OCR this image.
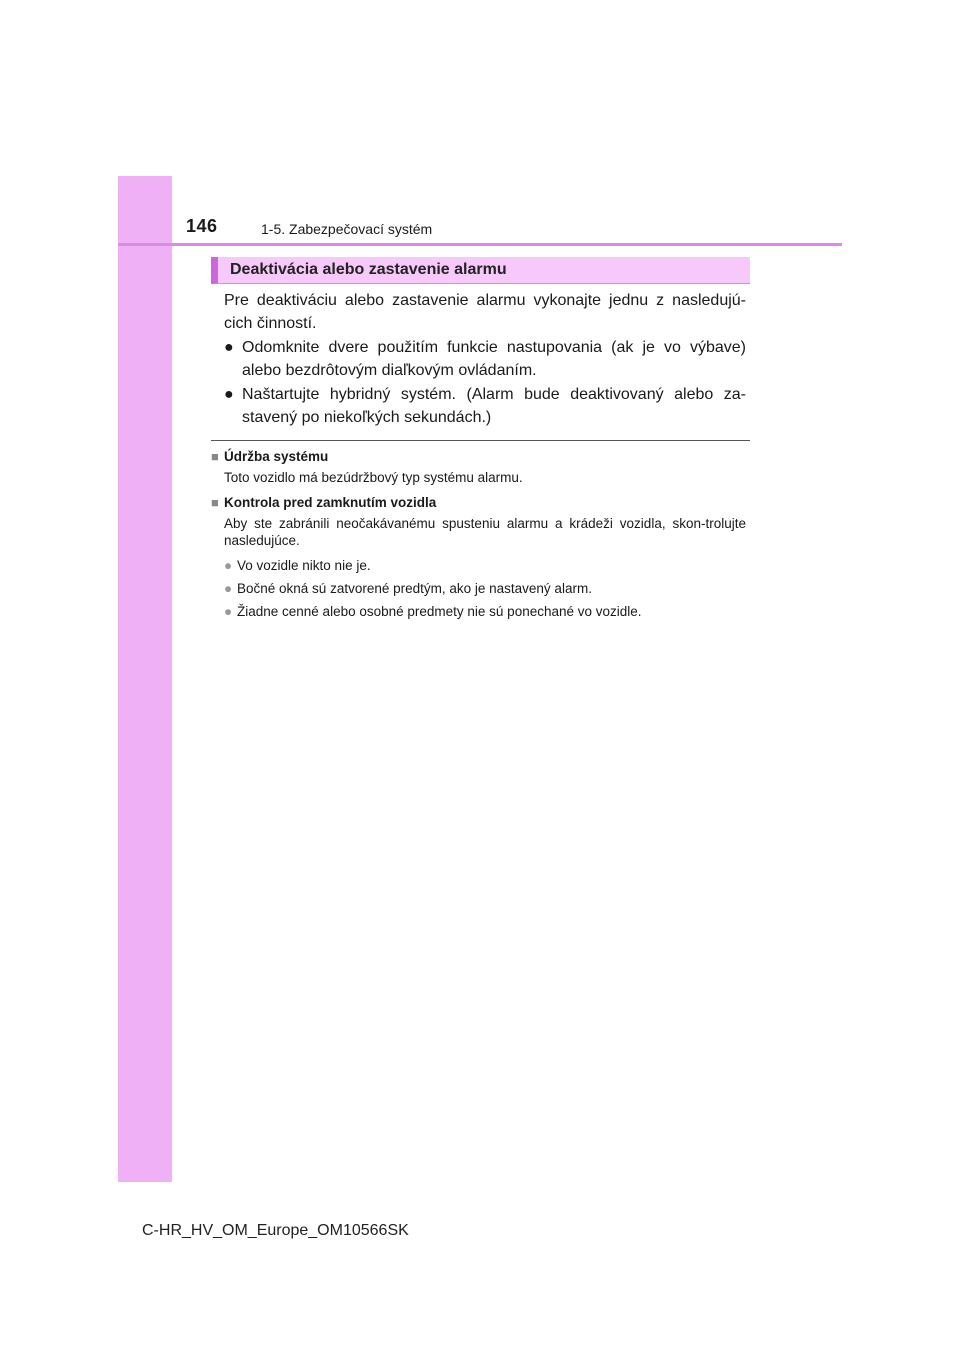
146	1-5. Zabezpečovací systém
Deaktivácia alebo zastavenie alarmu

Pre deaktiváciu alebo zastavenie alarmu vykonajte jednu z nasledujú-cich činností.

● Odomknite dvere použitím funkcie nastupovania (ak je vo výbave) alebo bezdrôtovým diaľkovým ovládaním.
● Naštartujte hybridný systém. (Alarm bude deaktivovaný alebo za-stavený po niekoľkých sekundách.)

■ Údržba systému

Toto vozidlo má bezúdržbový typ systému alarmu.

■ Kontrola pred zamknutím vozidla

Aby ste zabránili neočakávanému spusteniu alarmu a krádeži vozidla, skon-trolujte nasledujúce.

● Vo vozidle nikto nie je.
● Bočné okná sú zatvorené predtým, ako je nastavený alarm.
● Žiadne cenné alebo osobné predmety nie sú ponechané vo vozidle.
C-HR_HV_OM_Europe_OM10566SK
